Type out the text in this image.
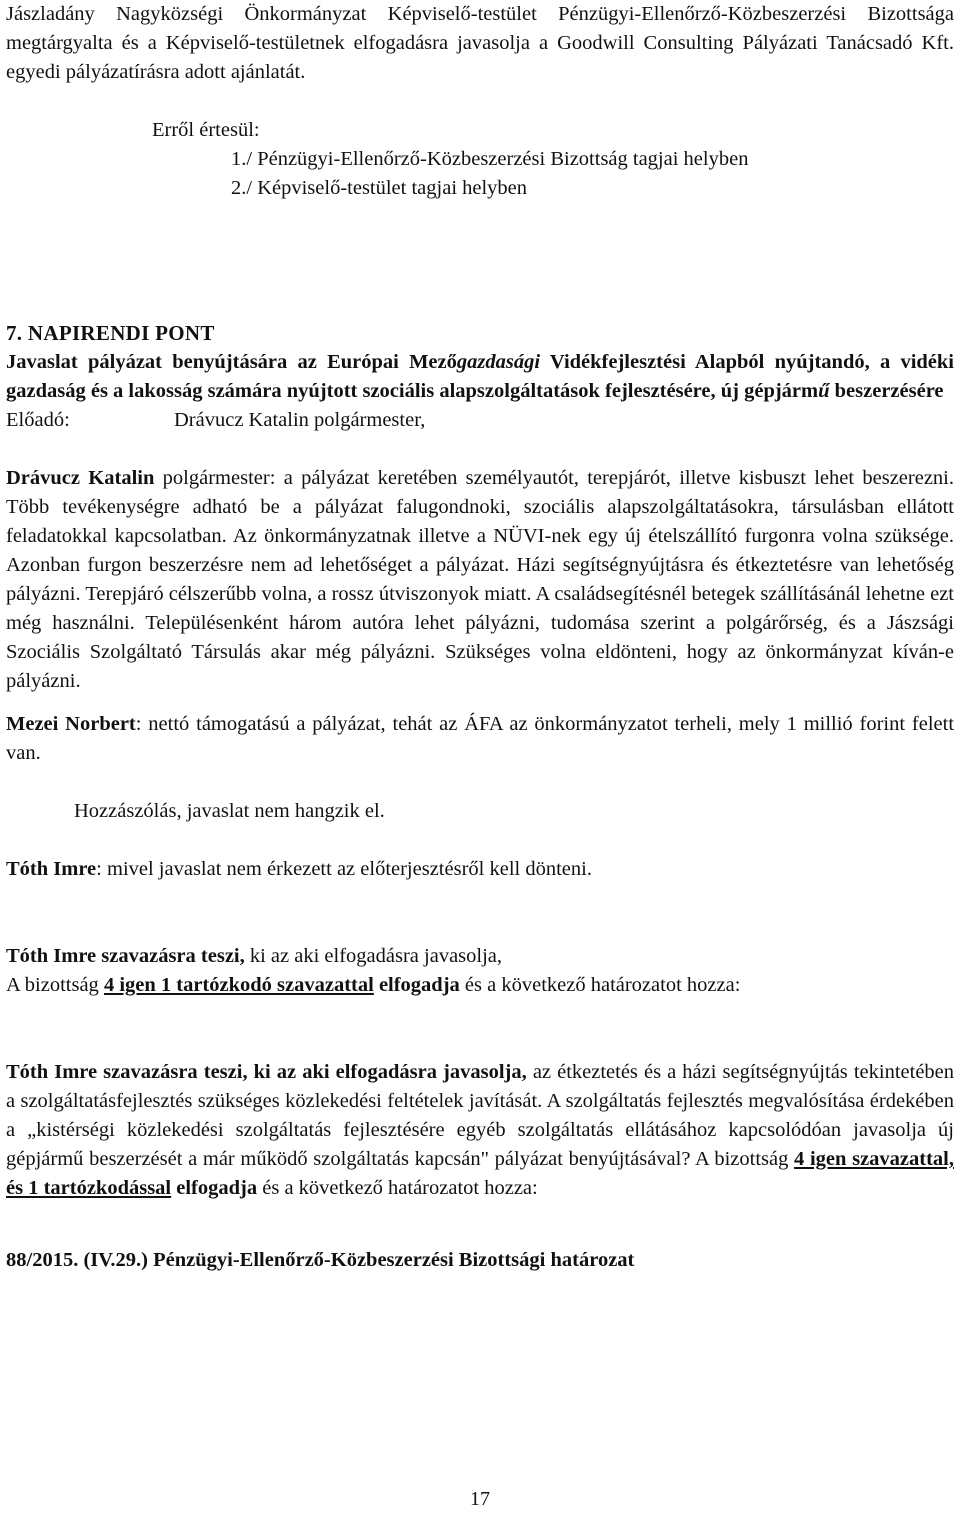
Jászladány Nagyközségi Önkormányzat Képviselő-testület Pénzügyi-Ellenőrző-Közbeszerzési Bizottsága megtárgyalta és a Képviselő-testületnek elfogadásra javasolja a Goodwill Consulting Pályázati Tanácsadó Kft. egyedi pályázatírásra adott ajánlatát.

Erről értesül:

1./ Pénzügyi-Ellenőrző-Közbeszerzési Bizottság tagjai helyben

2./ Képviselő-testület tagjai helyben

7. NAPIRENDI PONT

Javaslat pályázat benyújtására az Európai Mezőgazdasági Vidékfejlesztési Alapból nyújtandó, a vidéki gazdaság és a lakosság számára nyújtott szociális alapszolgáltatások fejlesztésére, új gépjármű beszerzésére

Előadó:	Drávucz Katalin polgármester,

Drávucz Katalin polgármester: a pályázat keretében személyautót, terepjárót, illetve kisbuszt lehet beszerezni. Több tevékenységre adható be a pályázat falugondnoki, szociális alapszolgáltatásokra, társulásban ellátott feladatokkal kapcsolatban. Az önkormányzatnak illetve a NÜVI-nek egy új ételszállító furgonra volna szüksége. Azonban furgon beszerzésre nem ad lehetőséget a pályázat. Házi segítségnyújtásra és étkeztetésre van lehetőség pályázni. Terepjáró célszerűbb volna, a rossz útviszonyok miatt. A családsegítésnél betegek szállításánál lehetne ezt még használni. Településenként három autóra lehet pályázni, tudomása szerint a polgárőrség, és a Jászsági Szociális Szolgáltató Társulás akar még pályázni. Szükséges volna eldönteni, hogy az önkormányzat kíván-e pályázni.

Mezei Norbert: nettó támogatású a pályázat, tehát az ÁFA az önkormányzatot terheli, mely 1 millió forint felett van.

Hozzászólás, javaslat nem hangzik el.

Tóth Imre: mivel javaslat nem érkezett az előterjesztésről kell dönteni.

Tóth Imre szavazásra teszi, ki az aki elfogadásra javasolja,

A bizottság 4 igen 1 tartózkodó szavazattal elfogadja és a következő határozatot hozza:

Tóth Imre szavazásra teszi, ki az aki elfogadásra javasolja, az étkeztetés és a házi segítségnyújtás tekintetében a szolgáltatásfejlesztés szükséges közlekedési feltételek javítását. A szolgáltatás fejlesztés megvalósítása érdekében a „kistérségi közlekedési szolgáltatás fejlesztésére egyéb szolgáltatás ellátásához kapcsolódóan javasolja új gépjármű beszerzését a már működő szolgáltatás kapcsán" pályázat benyújtásával? A bizottság 4 igen szavazattal, és 1 tartózkodással elfogadja és a következő határozatot hozza:

88/2015. (IV.29.) Pénzügyi-Ellenőrző-Közbeszerzési Bizottsági határozat

17
